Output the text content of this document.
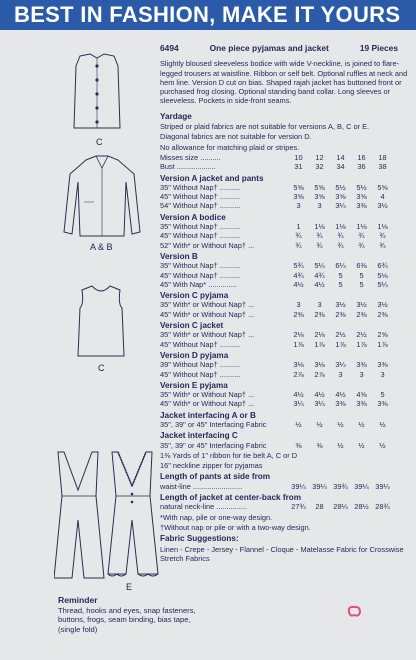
BEST IN FASHION, MAKE IT YOURS
C
A & B
C
E
6494	One piece pyjamas and jacket	19 Pieces
Slightly bloused sleeveless bodice with wide V-neckline, is joined to flare-legged trousers at waistline. Ribbon or self belt. Optional ruffles at neck and hem line. Version D cut on bias. Shaped rajah jacket has buttoned front or purchased frog closing. Optional standing band collar. Long sleeves or sleeveless. Pockets in side-front seams.
Yardage
Striped or plaid fabrics are not suitable for versions A, B, C or E.
Diagonal fabrics are not suitable for version D.
No allowance for matching plaid or stripes.
Misses size ..........	10	12	14	16	18
Bust ...................	31	32	34	36	38
Version A jacket and pants
35" Without Nap† ..........	5⅝	5⅝	5½	5½	5⅝
45" Without Nap† ..........	3⅝	3⅝	3⅝	3⅝	4
54" Without Nap† ..........	3	3	3¼	3⅜	3½
Version A bodice
35" Without Nap† ..........	1	1⅛	1⅛	1⅛	1⅛
45" Without Nap† ..........	¾	¾	¾	¾	¾
52" With* or Without Nap† ...	¾	¾	¾	¾	¾
Version B
35" Without Nap† ..........	5¾	5¼	6¼	6⅜	6¾
45" Without Nap† ..........	4¾	4¾	5	5	5⅛
45" With Nap* ..............	4½	4½	5	5	5¼
Version C pyjama
35" With* or Without Nap† ...	3	3	3½	3½	3½
45" With* or Without Nap† ...	2⅜	2⅜	2⅜	2⅜	2⅜
Version C jacket
35" With* or Without Nap† ...	2⅛	2⅛	2½	2½	2⅝
45" Without Nap† ..........	1⅞	1⅞	1⅞	1⅞	1⅞
Version D pyjama
39" Without Nap† ..........	3⅛	3⅛	3¼	3⅜	3⅜
45" Without Nap† ..........	2⅞	2⅞	3	3	3
Version E pyjama
35" With* or Without Nap† ...	4½	4½	4½	4⅝	5
45" With* or Without Nap† ...	3¼	3¼	3⅜	3⅜	3⅜
Jacket interfacing A or B
35", 39" or 45" Interfacing Fabric	½	½	½	½	½
Jacket interfacing C
35", 39" or 45" Interfacing Fabric	⅜	⅜	½	½	½
1⅜ Yards of 1" ribbon for tie belt A, C or D
16" neckline zipper for pyjamas
Length of pants at side from
waist-line ........................	39¼ 39¼ 39¾ 39¼ 39¼
Length of jacket at center-back from
natural neck-line ...............	27¾	28	28¼ 28½ 28¾
*With nap, pile or one-way design.
†Without nap or pile or with a two-way design.
Fabric Suggestions:
Linen - Crepe - Jersey - Flannel - Cloque - Matelasse Fabric for Crosswise Stretch Fabrics
Reminder
Thread, hooks and eyes, snap fasteners, buttons, frogs, seam binding, bias tape, (single fold)
